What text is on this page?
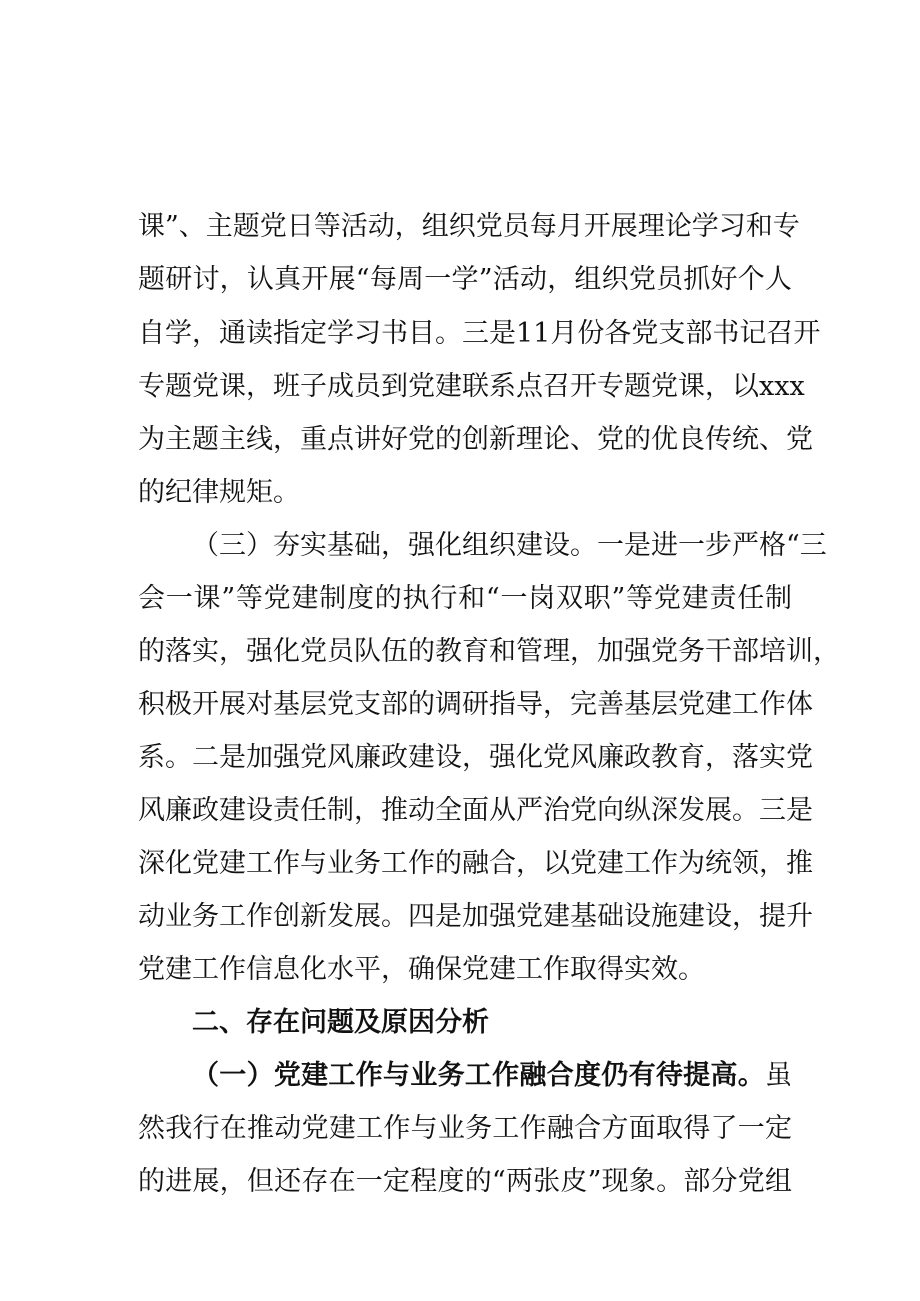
课”、主题党日等活动，组织党员每月开展理论学习和专
题研讨，认真开展“每周一学”活动，组织党员抓好个人
自学，通读指定学习书目。三是11月份各党支部书记召开
专题党课，班子成员到党建联系点召开专题党课，以xxx
为主题主线，重点讲好党的创新理论、党的优良传统、党
的纪律规矩。
（三）夯实基础，强化组织建设。一是进一步严格“三
会一课”等党建制度的执行和“一岗双职”等党建责任制
的落实，强化党员队伍的教育和管理，加强党务干部培训，
积极开展对基层党支部的调研指导，完善基层党建工作体
系。二是加强党风廉政建设，强化党风廉政教育，落实党
风廉政建设责任制，推动全面从严治党向纵深发展。三是
深化党建工作与业务工作的融合，以党建工作为统领，推
动业务工作创新发展。四是加强党建基础设施建设，提升
党建工作信息化水平，确保党建工作取得实效。
二、存在问题及原因分析
（一）党建工作与业务工作融合度仍有待提高。虽
然我行在推动党建工作与业务工作融合方面取得了一定
的进展，但还存在一定程度的“两张皮”现象。部分党组
